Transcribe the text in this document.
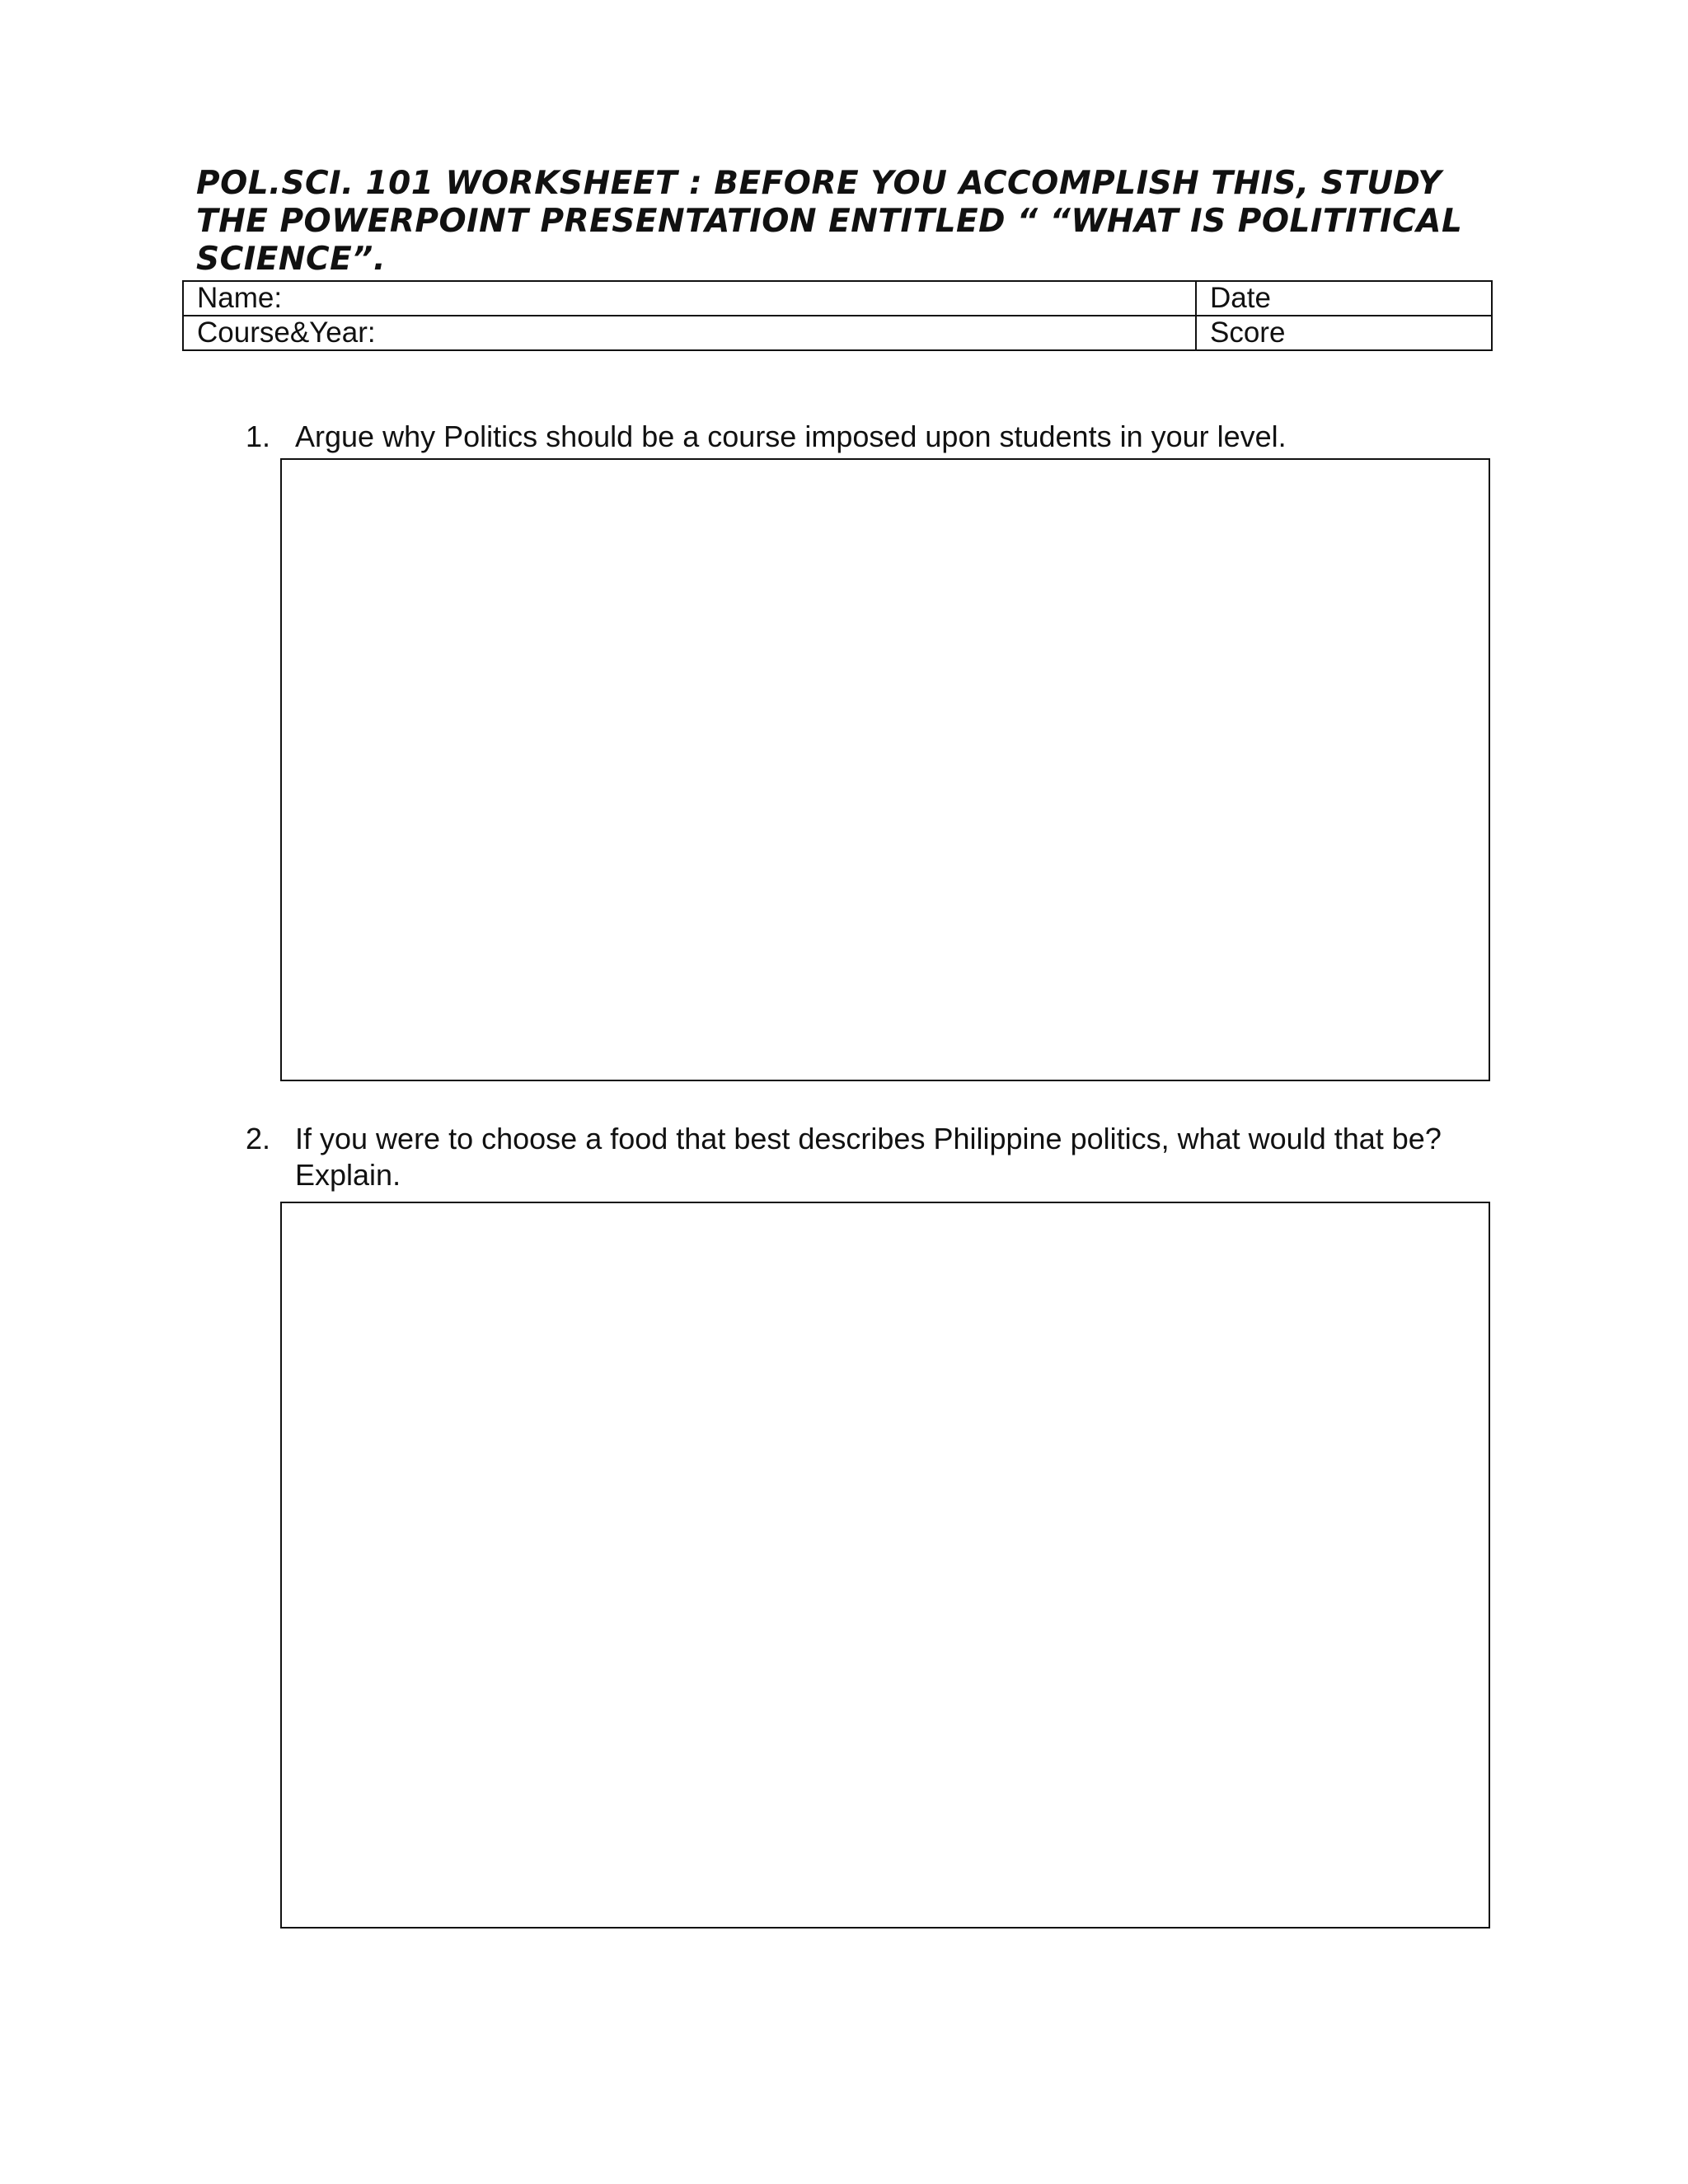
POL.SCI. 101 WORKSHEET : BEFORE YOU ACCOMPLISH THIS, STUDY THE POWERPOINT PRESENTATION ENTITLED “ “WHAT IS POLITITICAL SCIENCE”.
Name:	Date
Course&Year:	Score
1. Argue why Politics should be a course imposed upon students in your level.
2. If you were to choose a food that best describes Philippine politics, what would that be? Explain.
